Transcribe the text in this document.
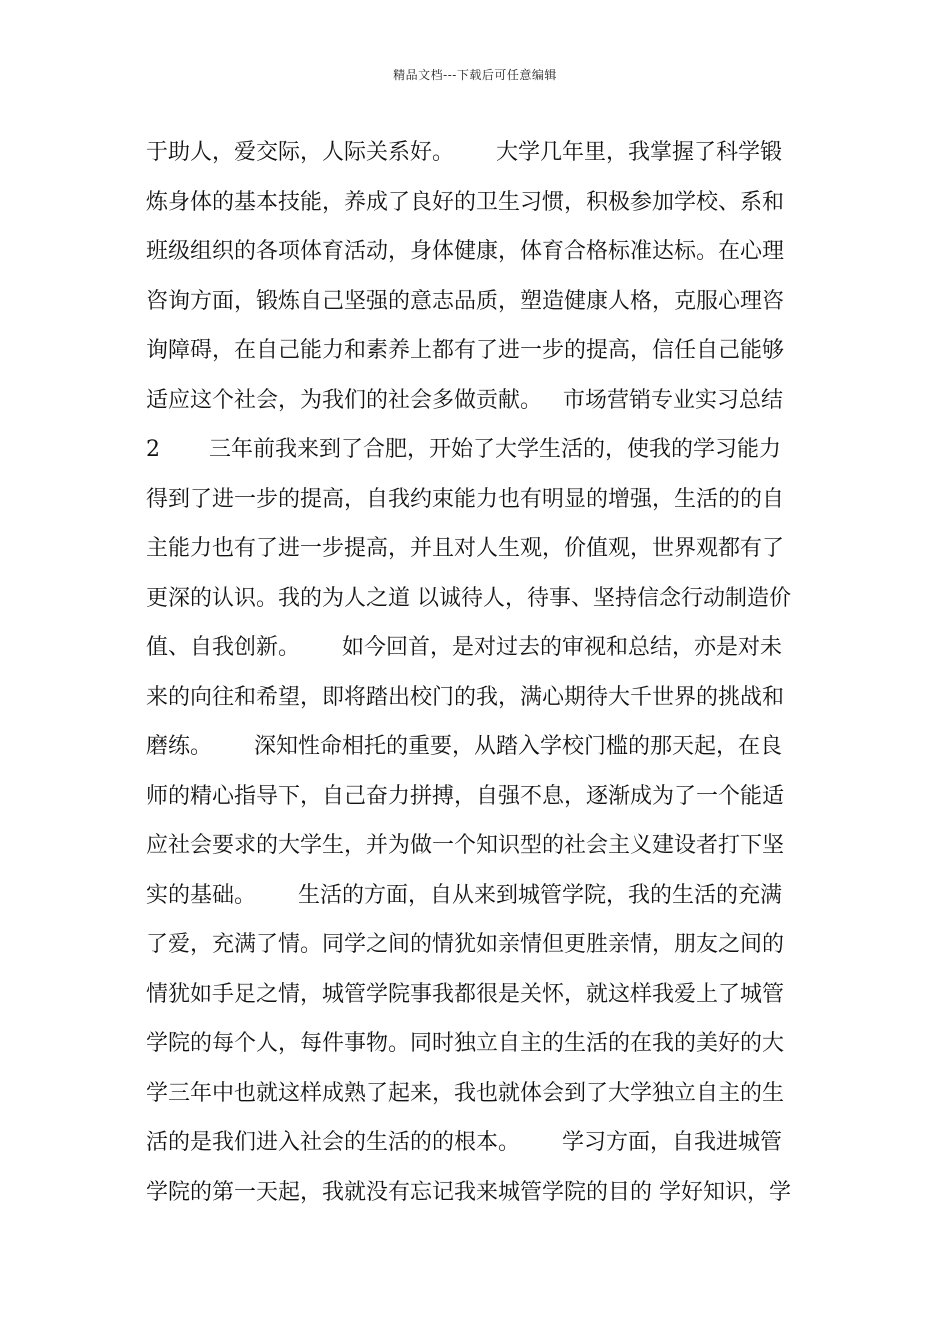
精品文档---下载后可任意编辑
于助人，爱交际，人际关系好。      大学几年里，我掌握了科学锻
炼身体的基本技能，养成了良好的卫生习惯，积极参加学校、系和
班级组织的各项体育活动，身体健康，体育合格标准达标。在心理
咨询方面，锻炼自己坚强的意志品质，塑造健康人格，克服心理咨
询障碍，在自己能力和素养上都有了进一步的提高，信任自己能够
适应这个社会，为我们的社会多做贡献。   市场营销专业实习总结
2       三年前我来到了合肥，开始了大学生活的，使我的学习能力
得到了进一步的提高，自我约束能力也有明显的增强，生活的的自
主能力也有了进一步提高，并且对人生观，价值观，世界观都有了
更深的认识。我的为人之道 以诚待人，待事、坚持信念行动制造价
值、自我创新。      如今回首，是对过去的审视和总结，亦是对未
来的向往和希望，即将踏出校门的我，满心期待大千世界的挑战和
磨练。      深知性命相托的重要，从踏入学校门槛的那天起，在良
师的精心指导下，自己奋力拼搏，自强不息，逐渐成为了一个能适
应社会要求的大学生，并为做一个知识型的社会主义建设者打下坚
实的基础。      生活的方面，自从来到城管学院，我的生活的充满
了爱，充满了情。同学之间的情犹如亲情但更胜亲情，朋友之间的
情犹如手足之情，城管学院事我都很是关怀，就这样我爱上了城管
学院的每个人，每件事物。同时独立自主的生活的在我的美好的大
学三年中也就这样成熟了起来，我也就体会到了大学独立自主的生
活的是我们进入社会的生活的的根本。      学习方面，自我进城管
学院的第一天起，我就没有忘记我来城管学院的目的 学好知识，学
